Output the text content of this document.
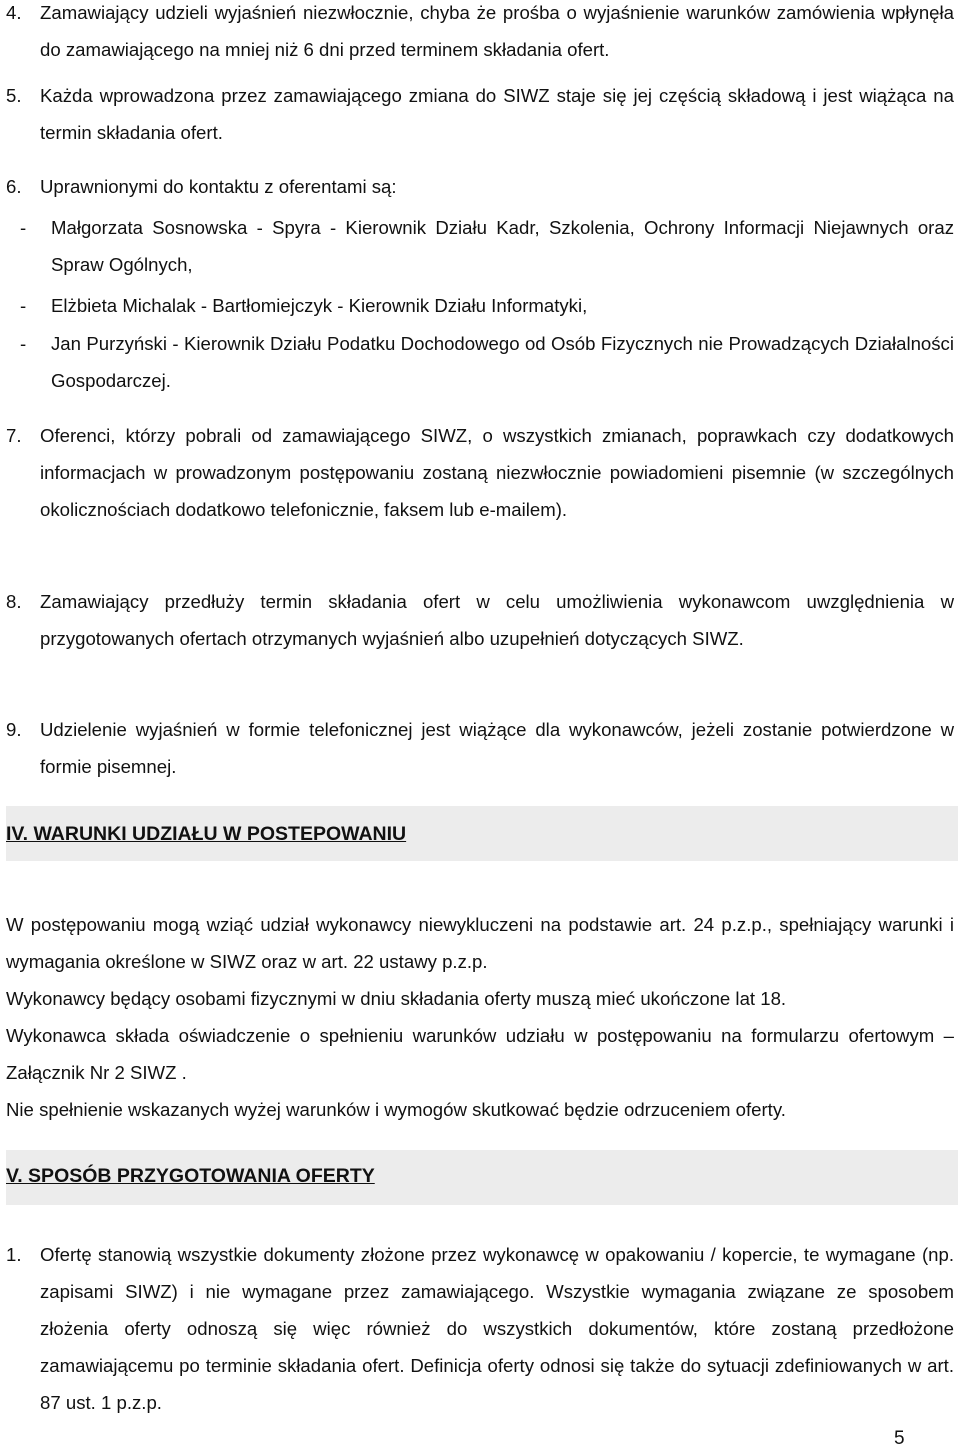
4. Zamawiający udzieli wyjaśnień niezwłocznie, chyba że prośba o wyjaśnienie warunków zamówienia wpłynęła do zamawiającego na mniej niż 6 dni przed terminem składania ofert.
5. Każda wprowadzona przez zamawiającego zmiana do SIWZ staje się jej częścią składową i jest wiążąca na termin składania ofert.
6. Uprawnionymi do kontaktu z oferentami są:
- Małgorzata Sosnowska - Spyra - Kierownik Działu Kadr, Szkolenia, Ochrony Informacji Niejawnych oraz Spraw Ogólnych,
- Elżbieta Michalak - Bartłomiejczyk - Kierownik Działu Informatyki,
- Jan Purzyński - Kierownik Działu Podatku Dochodowego od Osób Fizycznych nie Prowadzących Działalności Gospodarczej.
7. Oferenci, którzy pobrali od zamawiającego SIWZ, o wszystkich zmianach, poprawkach czy dodatkowych informacjach w prowadzonym postępowaniu zostaną niezwłocznie powiadomieni pisemnie (w szczególnych okolicznościach dodatkowo telefonicznie, faksem lub e-mailem).
8. Zamawiający przedłuży termin składania ofert w celu umożliwienia wykonawcom uwzględnienia w przygotowanych ofertach otrzymanych wyjaśnień albo uzupełnień dotyczących SIWZ.
9. Udzielenie wyjaśnień w formie telefonicznej jest wiążące dla wykonawców, jeżeli zostanie potwierdzone w formie pisemnej.
IV. WARUNKI UDZIAŁU W POSTEPOWANIU
W postępowaniu mogą wziąć udział wykonawcy niewykluczeni na podstawie art. 24 p.z.p., spełniający warunki i wymagania określone w SIWZ oraz w art. 22 ustawy p.z.p.
Wykonawcy będący osobami fizycznymi w dniu składania oferty muszą mieć ukończone lat 18.
Wykonawca składa oświadczenie o spełnieniu warunków udziału w postępowaniu na formularzu ofertowym – Załącznik Nr 2 SIWZ .
Nie spełnienie wskazanych wyżej warunków i wymogów skutkować będzie odrzuceniem oferty.
V. SPOSÓB PRZYGOTOWANIA OFERTY
1. Ofertę stanowią wszystkie dokumenty złożone przez wykonawcę w opakowaniu / kopercie, te wymagane (np. zapisami SIWZ) i nie wymagane przez zamawiającego. Wszystkie wymagania związane ze sposobem złożenia oferty odnoszą się więc również do wszystkich dokumentów, które zostaną przedłożone zamawiającemu po terminie składania ofert. Definicja oferty odnosi się także do sytuacji zdefiniowanych w art. 87 ust. 1 p.z.p.
5
